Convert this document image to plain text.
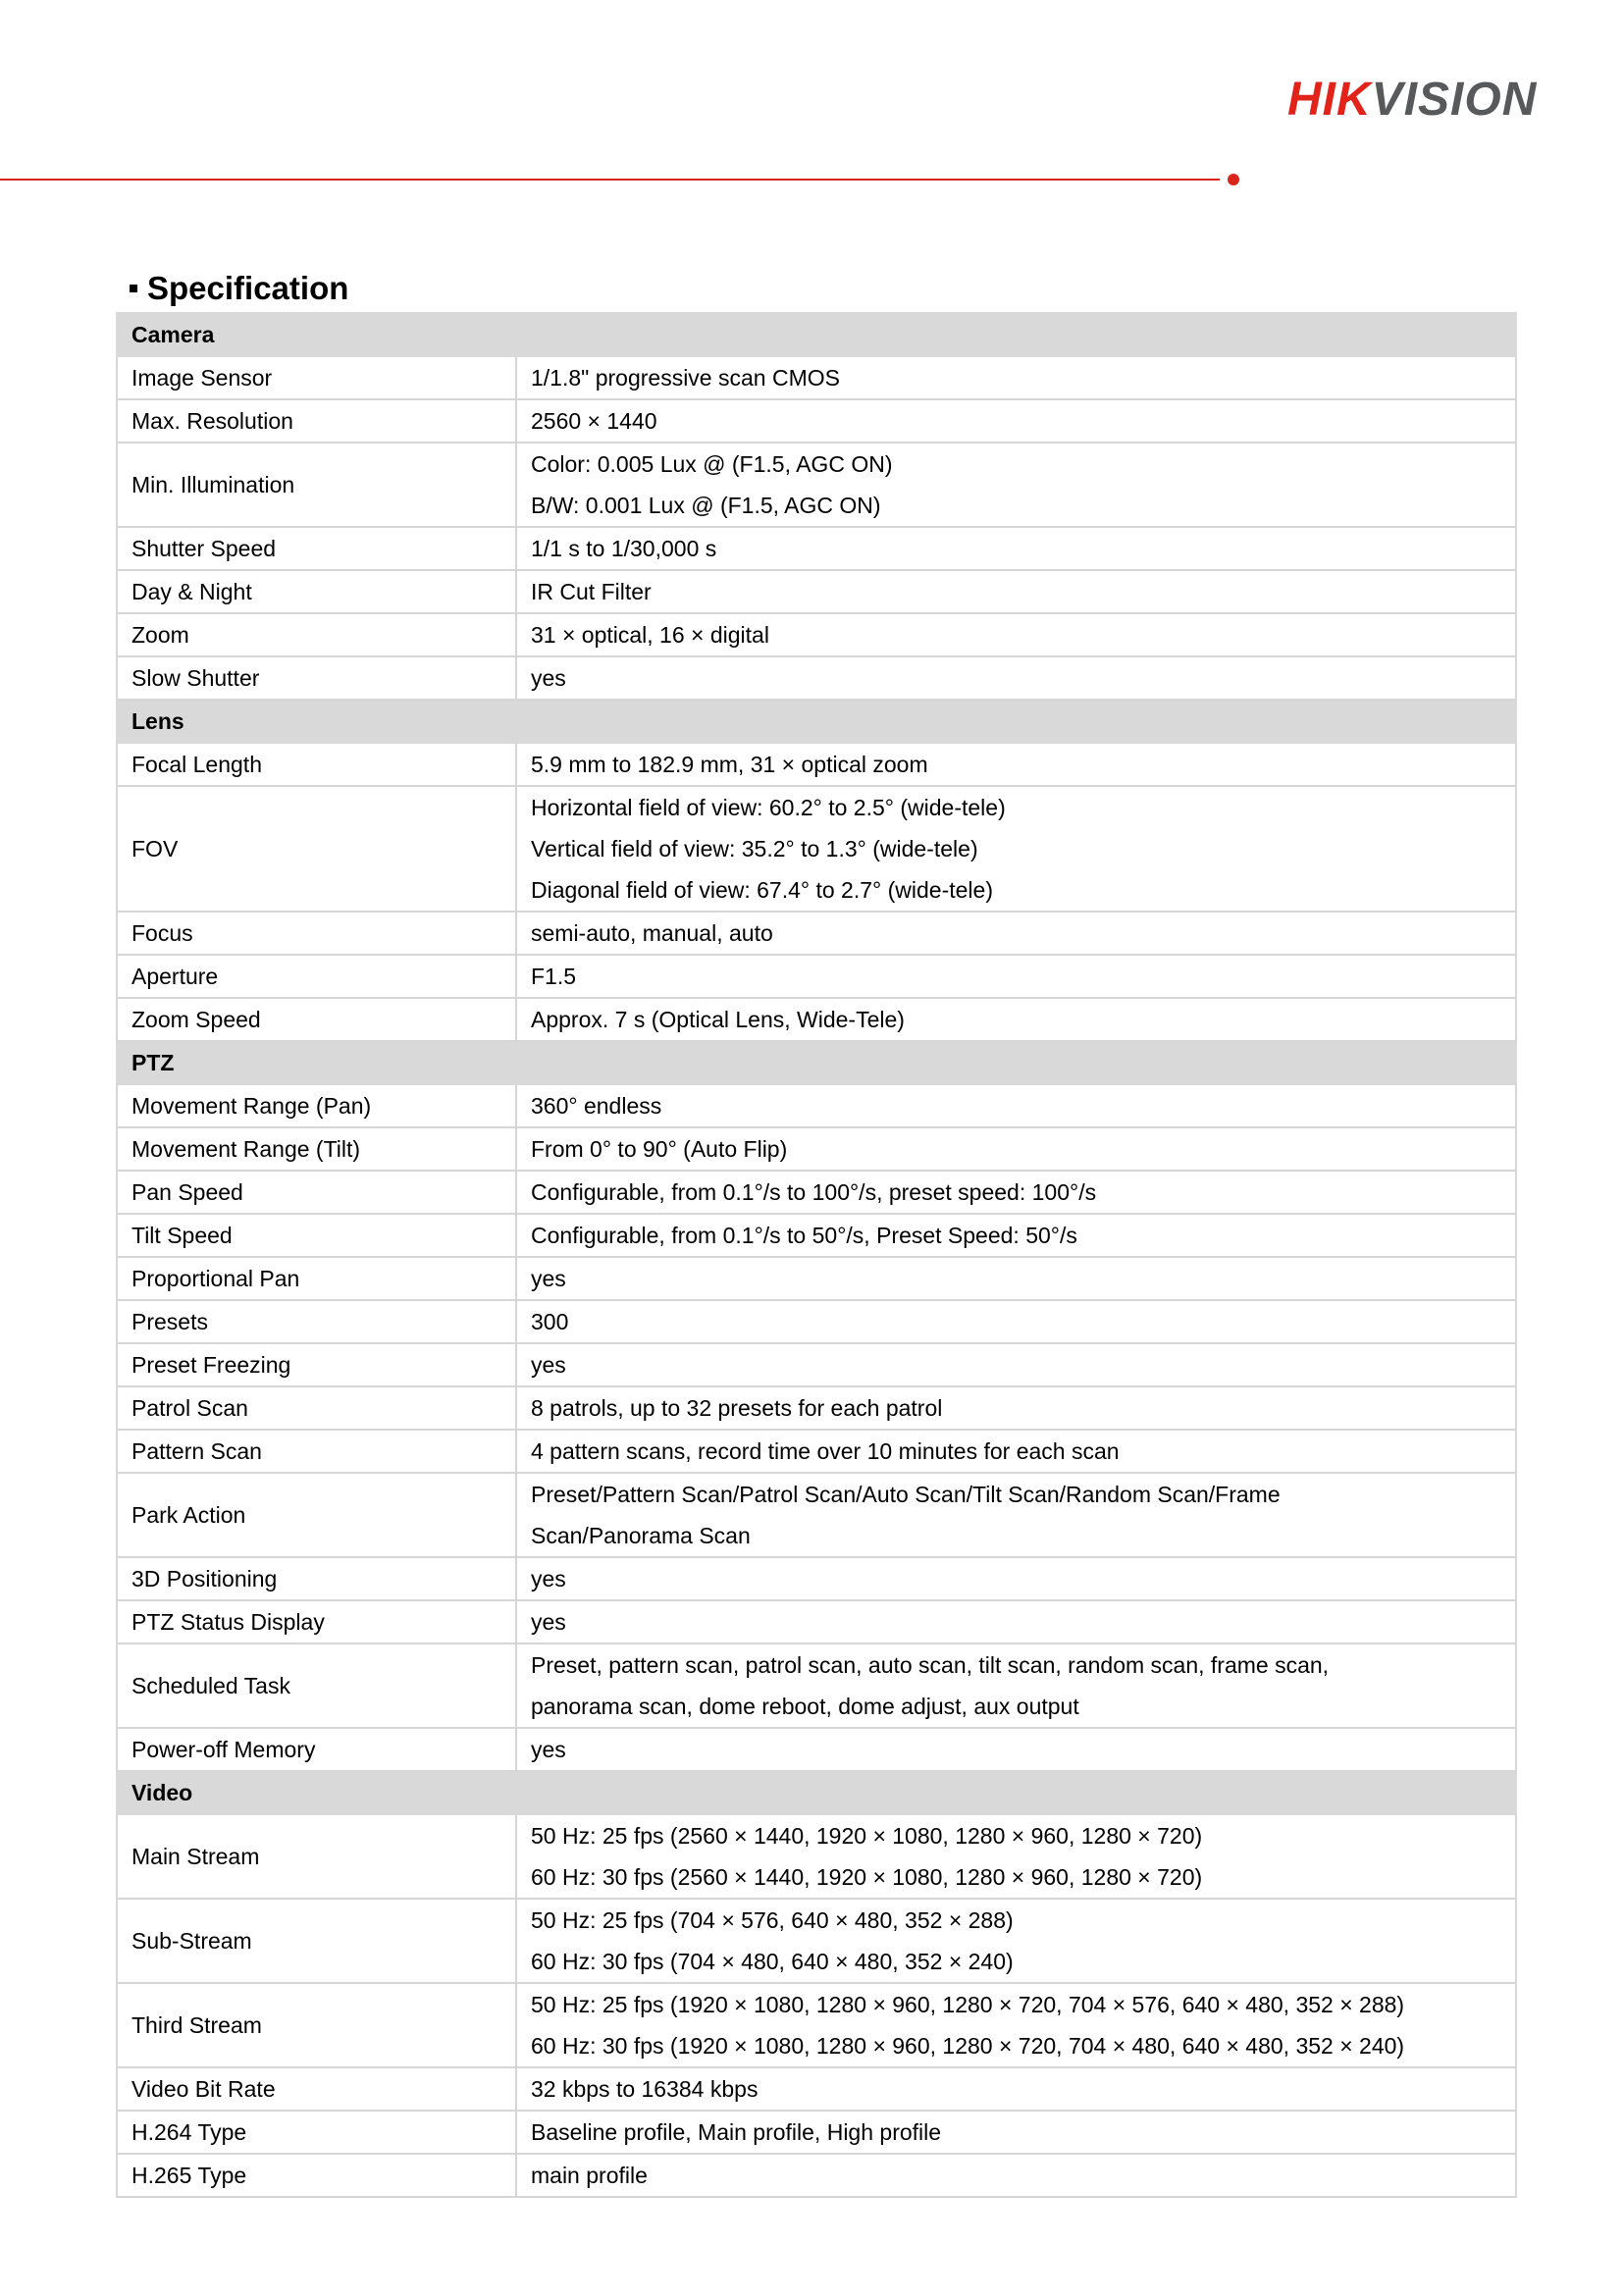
HIKVISION
Specification
Camera	
Image Sensor	1/1.8" progressive scan CMOS

Max. Resolution	2560 × 1440

Min. Illumination	Color: 0.005 Lux @ (F1.5, AGC ON)
B/W: 0.001 Lux @ (F1.5, AGC ON)

Shutter Speed	1/1 s to 1/30,000 s

Day & Night	IR Cut Filter

Zoom	31 × optical, 16 × digital

Slow Shutter	yes

Lens	
Focal Length	5.9 mm to 182.9 mm, 31 × optical zoom

FOV	Horizontal field of view: 60.2° to 2.5° (wide-tele)
Vertical field of view: 35.2° to 1.3° (wide-tele)
Diagonal field of view: 67.4° to 2.7° (wide-tele)

Focus	semi-auto, manual, auto

Aperture	F1.5

Zoom Speed	Approx. 7 s (Optical Lens, Wide-Tele)

PTZ	
Movement Range (Pan)	360° endless

Movement Range (Tilt)	From 0° to 90° (Auto Flip)

Pan Speed	Configurable, from 0.1°/s to 100°/s, preset speed: 100°/s

Tilt Speed	Configurable, from 0.1°/s to 50°/s, Preset Speed: 50°/s

Proportional Pan	yes

Presets	300

Preset Freezing	yes

Patrol Scan	8 patrols, up to 32 presets for each patrol

Pattern Scan	4 pattern scans, record time over 10 minutes for each scan

Park Action	Preset/Pattern Scan/Patrol Scan/Auto Scan/Tilt Scan/Random Scan/Frame
Scan/Panorama Scan

3D Positioning	yes

PTZ Status Display	yes

Scheduled Task	Preset, pattern scan, patrol scan, auto scan, tilt scan, random scan, frame scan,
panorama scan, dome reboot, dome adjust, aux output

Power-off Memory	yes

Video	
Main Stream	50 Hz: 25 fps (2560 × 1440, 1920 × 1080, 1280 × 960, 1280 × 720)
60 Hz: 30 fps (2560 × 1440, 1920 × 1080, 1280 × 960, 1280 × 720)

Sub-Stream	50 Hz: 25 fps (704 × 576, 640 × 480, 352 × 288)
60 Hz: 30 fps (704 × 480, 640 × 480, 352 × 240)

Third Stream	50 Hz: 25 fps (1920 × 1080, 1280 × 960, 1280 × 720, 704 × 576, 640 × 480, 352 × 288)
60 Hz: 30 fps (1920 × 1080, 1280 × 960, 1280 × 720, 704 × 480, 640 × 480, 352 × 240)

Video Bit Rate	32 kbps to 16384 kbps

H.264 Type	Baseline profile, Main profile, High profile

H.265 Type	main profile
